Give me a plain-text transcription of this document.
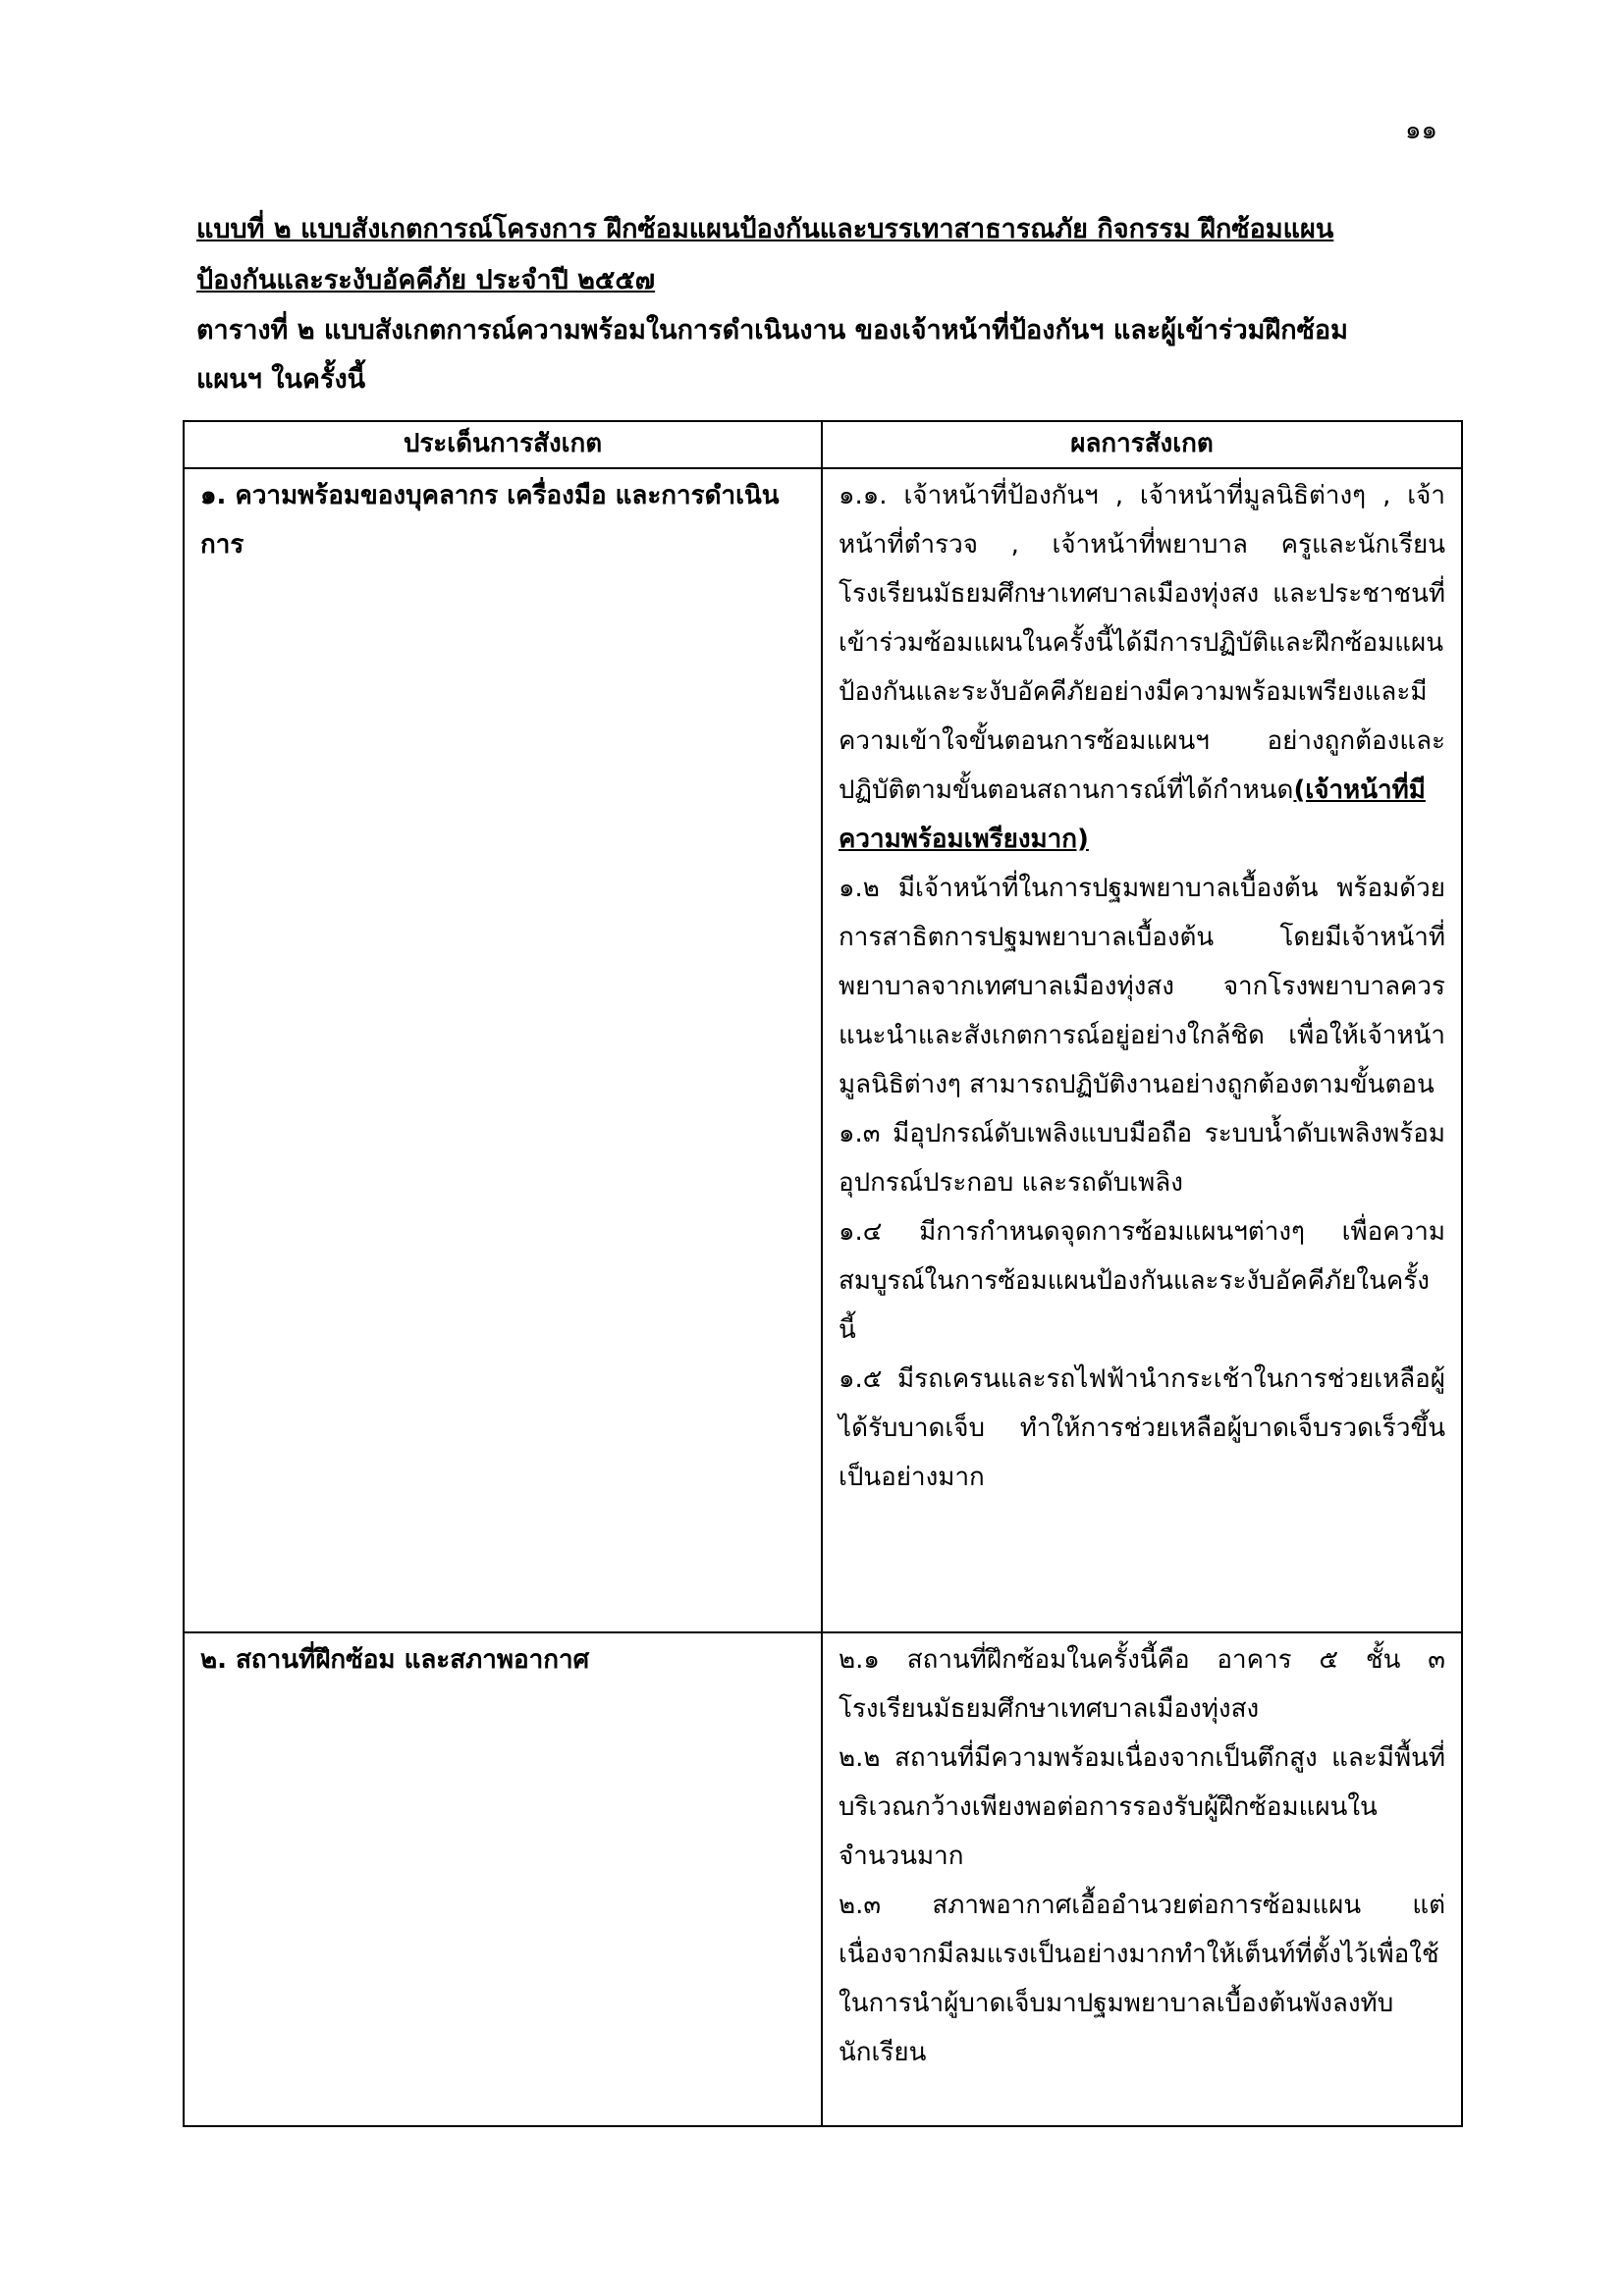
๑๑
แบบที่ ๒ แบบสังเกตการณ์โครงการ ฝึกซ้อมแผนป้องกันและบรรเทาสาธารณภัย กิจกรรม ฝึกซ้อมแผน
ป้องกันและระงับอัคคีภัย ประจำปี ๒๕๕๗
ตารางที่ ๒ แบบสังเกตการณ์ความพร้อมในการดำเนินงาน ของเจ้าหน้าที่ป้องกันฯ และผู้เข้าร่วมฝึกซ้อม
แผนฯ ในครั้งนี้
ประเด็นการสังเกต	ผลการสังเกต
๑. ความพร้อมของบุคลากร เครื่องมือ และการดำเนินการ	๑.๑. เจ้าหน้าที่ป้องกันฯ , เจ้าหน้าที่มูลนิธิต่างๆ , เจ้าหน้าที่ตำรวจ , เจ้าหน้าที่พยาบาล ครูและนักเรียนโรงเรียนมัธยมศึกษาเทศบาลเมืองทุ่งสง และประชาชนที่เข้าร่วมซ้อมแผนในครั้งนี้ได้มีการปฏิบัติและฝึกซ้อมแผนป้องกันและระงับอัคคีภัยอย่างมีความพร้อมเพรียงและมีความเข้าใจขั้นตอนการซ้อมแผนฯ อย่างถูกต้องและปฏิบัติตามขั้นตอนสถานการณ์ที่ได้กำหนด(เจ้าหน้าที่มีความพร้อมเพรียงมาก)

๑.๒ มีเจ้าหน้าที่ในการปฐมพยาบาลเบื้องต้น พร้อมด้วยการสาธิตการปฐมพยาบาลเบื้องต้น โดยมีเจ้าหน้าที่พยาบาลจากเทศบาลเมืองทุ่งสง จากโรงพยาบาลควรแนะนำและสังเกตการณ์อยู่อย่างใกล้ชิด เพื่อให้เจ้าหน้ามูลนิธิต่างๆ สามารถปฏิบัติงานอย่างถูกต้องตามขั้นตอน

๑.๓ มีอุปกรณ์ดับเพลิงแบบมือถือ ระบบน้ำดับเพลิงพร้อมอุปกรณ์ประกอบ และรถดับเพลิง

๑.๔ มีการกำหนดจุดการซ้อมแผนฯต่างๆ เพื่อความสมบูรณ์ในการซ้อมแผนป้องกันและระงับอัคคีภัยในครั้งนี้

๑.๕ มีรถเครนและรถไฟฟ้านำกระเช้าในการช่วยเหลือผู้ได้รับบาดเจ็บ ทำให้การช่วยเหลือผู้บาดเจ็บรวดเร็วขึ้นเป็นอย่างมาก

๒. สถานที่ฝึกซ้อม และสภาพอากาศ	๒.๑ สถานที่ฝึกซ้อมในครั้งนี้คือ อาคาร ๕ ชั้น ๓ โรงเรียนมัธยมศึกษาเทศบาลเมืองทุ่งสง

๒.๒ สถานที่มีความพร้อมเนื่องจากเป็นตึกสูง และมีพื้นที่บริเวณกว้างเพียงพอต่อการรองรับผู้ฝึกซ้อมแผนในจำนวนมาก

๒.๓ สภาพอากาศเอื้ออำนวยต่อการซ้อมแผน แต่เนื่องจากมีลมแรงเป็นอย่างมากทำให้เต็นท์ที่ตั้งไว้เพื่อใช้ในการนำผู้บาดเจ็บมาปฐมพยาบาลเบื้องต้นพังลงทับนักเรียน
